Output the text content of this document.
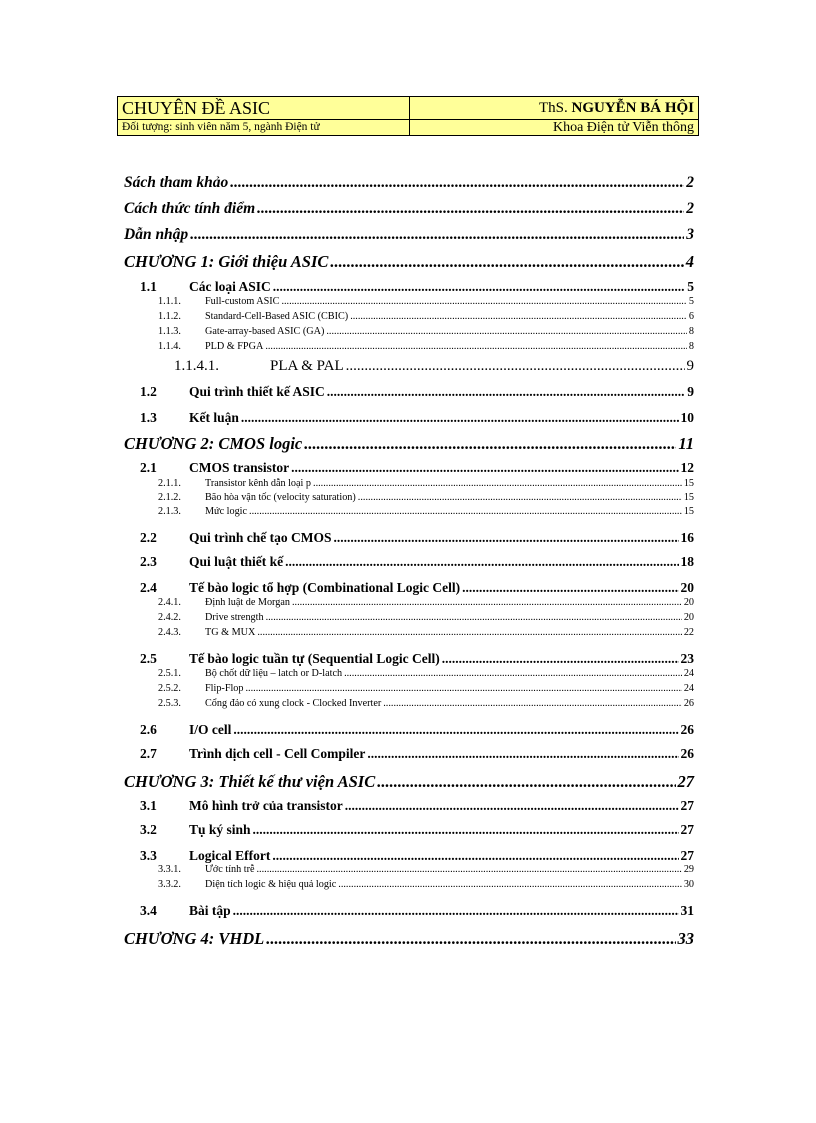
CHUYÊN ĐỀ ASIC	ThS. NGUYỄN BÁ HỘI
Đối tượng: sinh viên năm 5, ngành Điện tử	Khoa Điện tử Viễn thông
Sách tham khảo .....	2
Cách thức tính điểm .....	2
Dẫn nhập .....	3
CHƯƠNG 1: Giới thiệu ASIC .....	4
1.1	Các loại ASIC .....	5
1.1.1.	Full-custom ASIC .....	5
1.1.2.	Standard-Cell-Based ASIC (CBIC) .....	6
1.1.3.	Gate-array-based ASIC (GA) .....	8
1.1.4.	PLD & FPGA .....	8
1.1.4.1.	PLA & PAL .....	9
1.2	Qui trình thiết kế ASIC .....	9
1.3	Kết luận .....	10
CHƯƠNG 2: CMOS logic .....	11
2.1	CMOS transistor .....	12
2.1.1.	Transistor kênh dẫn loại p .....	15
2.1.2.	Bão hòa vận tốc (velocity saturation) .....	15
2.1.3.	Mức logic .....	15
2.2	Qui trình chế tạo CMOS .....	16
2.3	Qui luật thiết kế .....	18
2.4	Tế bào logic tổ hợp (Combinational Logic Cell) .....	20
2.4.1.	Định luật de Morgan .....	20
2.4.2.	Drive strength .....	20
2.4.3.	TG & MUX .....	22
2.5	Tế bào logic tuần tự (Sequential Logic Cell) .....	23
2.5.1.	Bộ chốt dữ liệu – latch or D-latch .....	24
2.5.2.	Flip-Flop .....	24
2.5.3.	Cổng đảo có xung clock - Clocked Inverter .....	26
2.6	I/O cell .....	26
2.7	Trình dịch cell - Cell Compiler .....	26
CHƯƠNG 3: Thiết kế thư viện ASIC .....	27
3.1	Mô hình trở của transistor .....	27
3.2	Tụ ký sinh .....	27
3.3	Logical Effort .....	27
3.3.1.	Ước tính trễ .....	29
3.3.2.	Diện tích logic & hiệu quả logic .....	30
3.4	Bài tập .....	31
CHƯƠNG 4: VHDL .....	33
